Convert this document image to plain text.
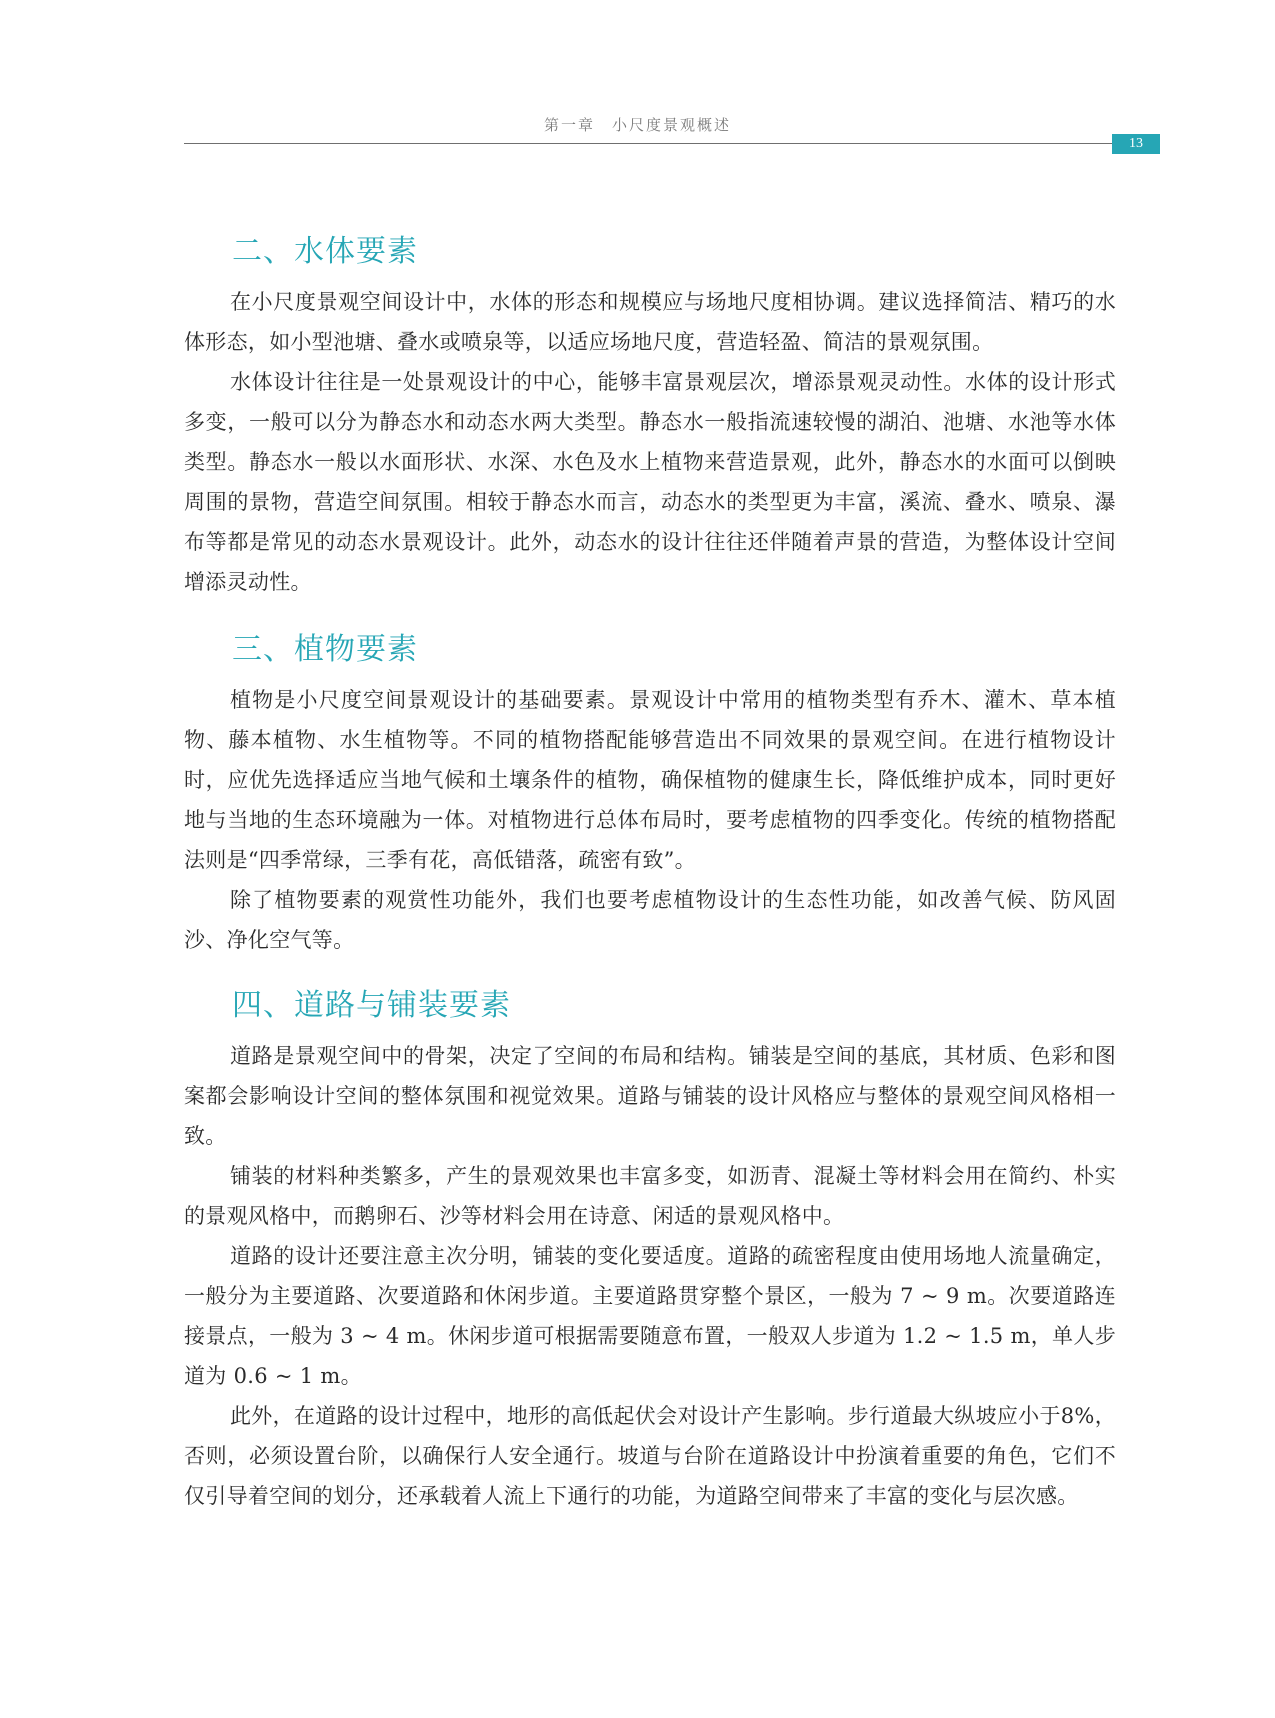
第一章　小尺度景观概述
13
二、水体要素

在小尺度景观空间设计中，水体的形态和规模应与场地尺度相协调。建议选择简洁、精巧的水体形态，如小型池塘、叠水或喷泉等，以适应场地尺度，营造轻盈、简洁的景观氛围。

水体设计往往是一处景观设计的中心，能够丰富景观层次，增添景观灵动性。水体的设计形式多变，一般可以分为静态水和动态水两大类型。静态水一般指流速较慢的湖泊、池塘、水池等水体类型。静态水一般以水面形状、水深、水色及水上植物来营造景观，此外，静态水的水面可以倒映周围的景物，营造空间氛围。相较于静态水而言，动态水的类型更为丰富，溪流、叠水、喷泉、瀑布等都是常见的动态水景观设计。此外，动态水的设计往往还伴随着声景的营造，为整体设计空间增添灵动性。

三、植物要素

植物是小尺度空间景观设计的基础要素。景观设计中常用的植物类型有乔木、灌木、草本植物、藤本植物、水生植物等。不同的植物搭配能够营造出不同效果的景观空间。在进行植物设计时，应优先选择适应当地气候和土壤条件的植物，确保植物的健康生长，降低维护成本，同时更好地与当地的生态环境融为一体。对植物进行总体布局时，要考虑植物的四季变化。传统的植物搭配法则是“四季常绿，三季有花，高低错落，疏密有致”。

除了植物要素的观赏性功能外，我们也要考虑植物设计的生态性功能，如改善气候、防风固沙、净化空气等。

四、道路与铺装要素

道路是景观空间中的骨架，决定了空间的布局和结构。铺装是空间的基底，其材质、色彩和图案都会影响设计空间的整体氛围和视觉效果。道路与铺装的设计风格应与整体的景观空间风格相一致。

铺装的材料种类繁多，产生的景观效果也丰富多变，如沥青、混凝土等材料会用在简约、朴实的景观风格中，而鹅卵石、沙等材料会用在诗意、闲适的景观风格中。

道路的设计还要注意主次分明，铺装的变化要适度。道路的疏密程度由使用场地人流量确定，一般分为主要道路、次要道路和休闲步道。主要道路贯穿整个景区，一般为 7 ~ 9 m。次要道路连接景点，一般为 3 ~ 4 m。休闲步道可根据需要随意布置，一般双人步道为 1.2 ~ 1.5 m，单人步道为 0.6 ~ 1 m。

此外，在道路的设计过程中，地形的高低起伏会对设计产生影响。步行道最大纵坡应小于8%，否则，必须设置台阶，以确保行人安全通行。坡道与台阶在道路设计中扮演着重要的角色，它们不仅引导着空间的划分，还承载着人流上下通行的功能，为道路空间带来了丰富的变化与层次感。
